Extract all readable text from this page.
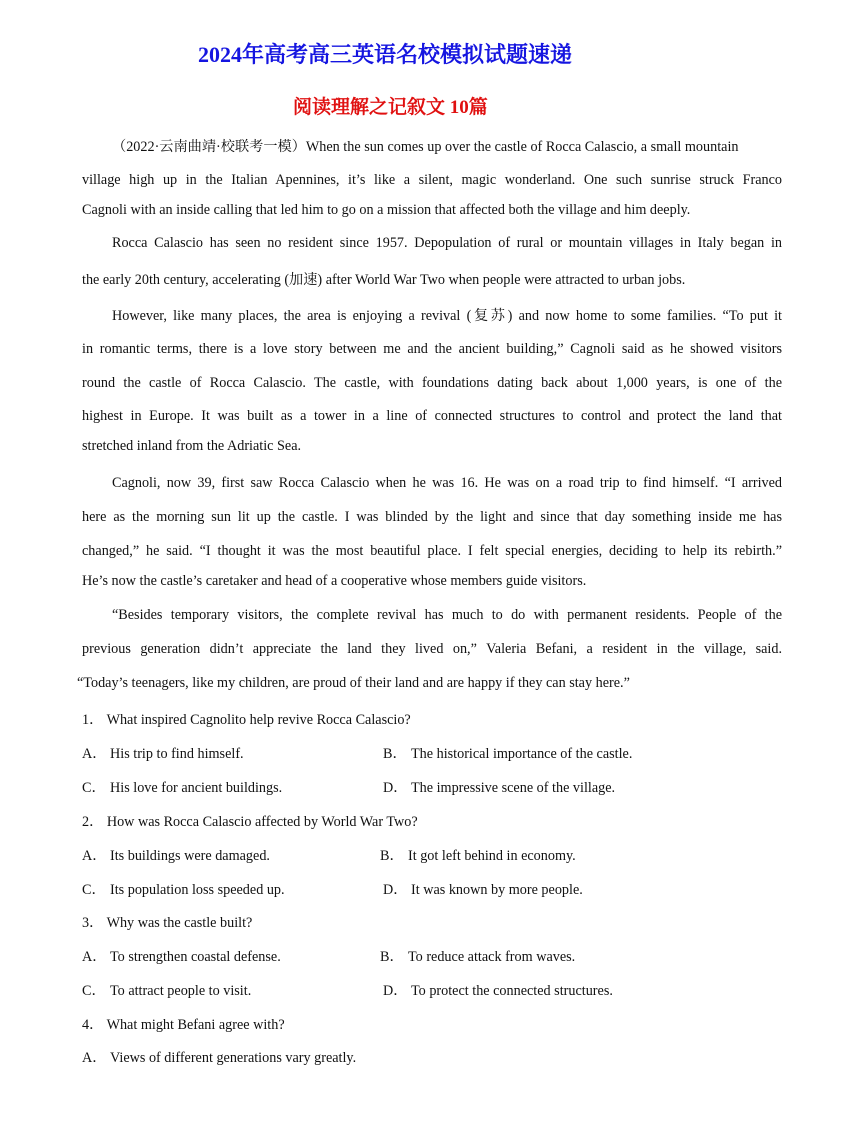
2024年高考高三英语名校模拟试题速递
阅读理解之记叙文 10篇
（2022·云南曲靖·校联考一模）When the sun comes up over the castle of Rocca Calascio, a small mountain
village high up in the Italian Apennines, it’s like a silent, magic wonderland. One such sunrise struck Franco
Cagnoli with an inside calling that led him to go on a mission that affected both the village and him deeply.
Rocca Calascio has seen no resident since 1957. Depopulation of rural or mountain villages in Italy began in
the early 20th century, accelerating (加速) after World War Two when people were attracted to urban jobs.
However, like many places, the area is enjoying a revival (复苏) and now home to some families. “To put it
in romantic terms, there is a love story between me and the ancient building,” Cagnoli said as he showed visitors
round the castle of Rocca Calascio. The castle, with foundations dating back about 1,000 years, is one of the
highest in Europe. It was built as a tower in a line of connected structures to control and protect the land that
stretched inland from the Adriatic Sea.
Cagnoli, now 39, first saw Rocca Calascio when he was 16. He was on a road trip to find himself. “I arrived
here as the morning sun lit up the castle. I was blinded by the light and since that day something inside me has
changed,” he said. “I thought it was the most beautiful place. I felt special energies, deciding to help its rebirth.”
He’s now the castle’s caretaker and head of a cooperative whose members guide visitors.
“Besides temporary visitors, the complete revival has much to do with permanent residents. People of the
previous generation didn’t appreciate the land they lived on,” Valeria Befani, a resident in the village, said.
“Today’s teenagers, like my children, are proud of their land and are happy if they can stay here.”
1． What inspired Cagnolito help revive Rocca Calascio?
A． His trip to find himself.	B． The historical importance of the castle.
C． His love for ancient buildings.	D． The impressive scene of the village.
2． How was Rocca Calascio affected by World War Two?
A． Its buildings were damaged.	B． It got left behind in economy.
C． Its population loss speeded up.	D． It was known by more people.
3． Why was the castle built?
A． To strengthen coastal defense.	B． To reduce attack from waves.
C． To attract people to visit.	D． To protect the connected structures.
4． What might Befani agree with?
A． Views of different generations vary greatly.
